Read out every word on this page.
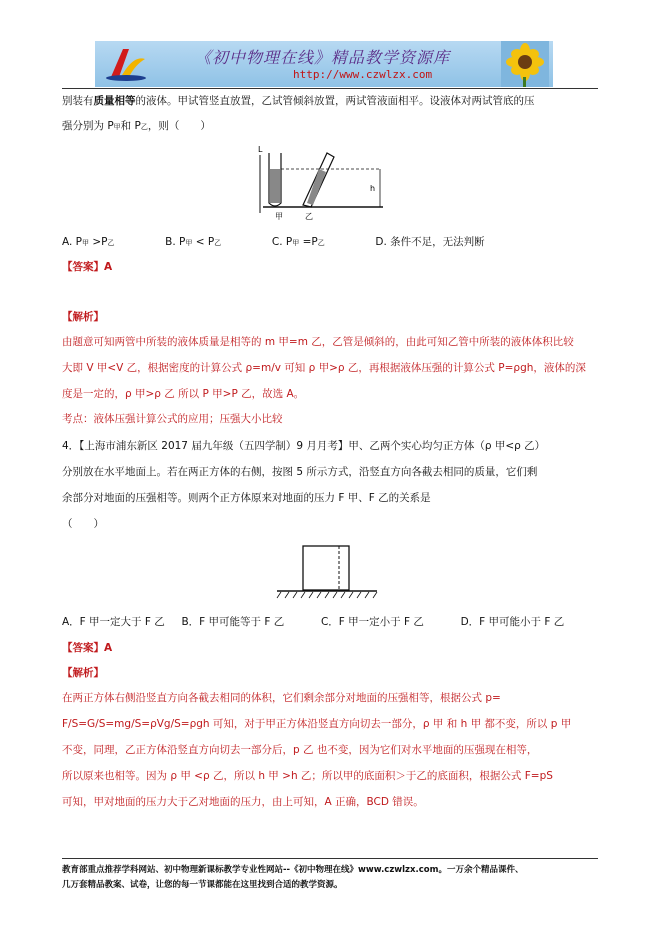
《初中物理在线》精品教学资源库
http://www.czwlzx.com
别装有质量相等的液体。甲试管竖直放置，乙试管倾斜放置，两试管液面相平。设液体对两试管底的压
强分别为 P甲和 P乙，则（　　）
L
h
甲	乙
A. P甲 >P乙	B. P甲 < P乙	C. P甲 =P乙	D. 条件不足，无法判断
【答案】A
【解析】
由题意可知两管中所装的液体质量是相等的 m 甲=m 乙，乙管是倾斜的，由此可知乙管中所装的液体体积比较
大即 V 甲<V 乙，根据密度的计算公式 ρ=m/v 可知 ρ 甲>ρ 乙，再根据液体压强的计算公式 P=ρgh，液体的深
度是一定的，ρ 甲>ρ 乙 所以 P 甲>P 乙，故选 A。
考点：液体压强计算公式的应用；压强大小比较
4．【上海市浦东新区 2017 届九年级（五四学制）9 月月考】甲、乙两个实心均匀正方体（ρ 甲<ρ 乙）
分别放在水平地面上。若在两正方体的右侧，按图 5 所示方式，沿竖直方向各截去相同的质量，它们剩
余部分对地面的压强相等。则两个正方体原来对地面的压力 F 甲、F 乙的关系是
（　　）
A．F 甲一定大于 F 乙 B．F 甲可能等于 F 乙	C．F 甲一定小于 F 乙	D．F 甲可能小于 F 乙
【答案】A
【解析】
在两正方体右侧沿竖直方向各截去相同的体积，它们剩余部分对地面的压强相等，根据公式 p=
F/S=G/S=mg/S=ρVg/S=ρgh 可知，对于甲正方体沿竖直方向切去一部分，ρ 甲 和 h 甲 都不变，所以 p 甲
不变，同理，乙正方体沿竖直方向切去一部分后，p 乙 也不变，因为它们对水平地面的压强现在相等，
所以原来也相等。因为 ρ 甲 <ρ 乙，所以 h 甲 >h 乙；所以甲的底面积＞于乙的底面积，根据公式 F=pS
可知，甲对地面的压力大于乙对地面的压力，由上可知，A 正确，BCD 错误。
教育部重点推荐学科网站、初中物理新课标教学专业性网站--《初中物理在线》www.czwlzx.com。一万余个精品课件、
几万套精品教案、试卷，让您的每一节课都能在这里找到合适的教学资源。
